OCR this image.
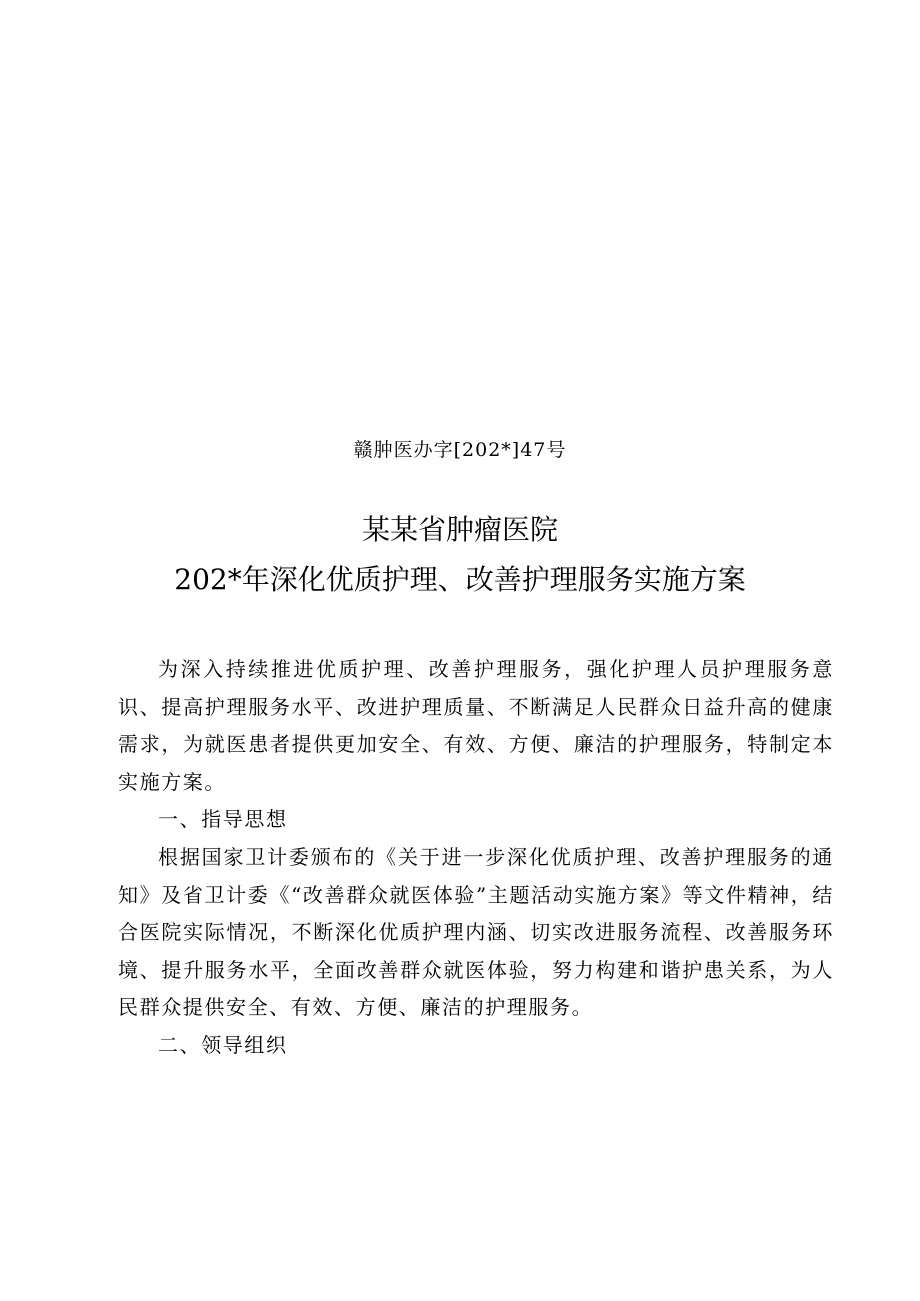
赣肿医办字[202*]47号
某某省肿瘤医院
202*年深化优质护理、改善护理服务实施方案

为深入持续推进优质护理、改善护理服务，强化护理人员护理服务意识、提高护理服务水平、改进护理质量、不断满足人民群众日益升高的健康需求，为就医患者提供更加安全、有效、方便、廉洁的护理服务，特制定本实施方案。

一、指导思想

根据国家卫计委颁布的《关于进一步深化优质护理、改善护理服务的通知》及省卫计委《“改善群众就医体验”主题活动实施方案》等文件精神，结合医院实际情况，不断深化优质护理内涵、切实改进服务流程、改善服务环境、提升服务水平，全面改善群众就医体验，努力构建和谐护患关系，为人民群众提供安全、有效、方便、廉洁的护理服务。

二、领导组织
